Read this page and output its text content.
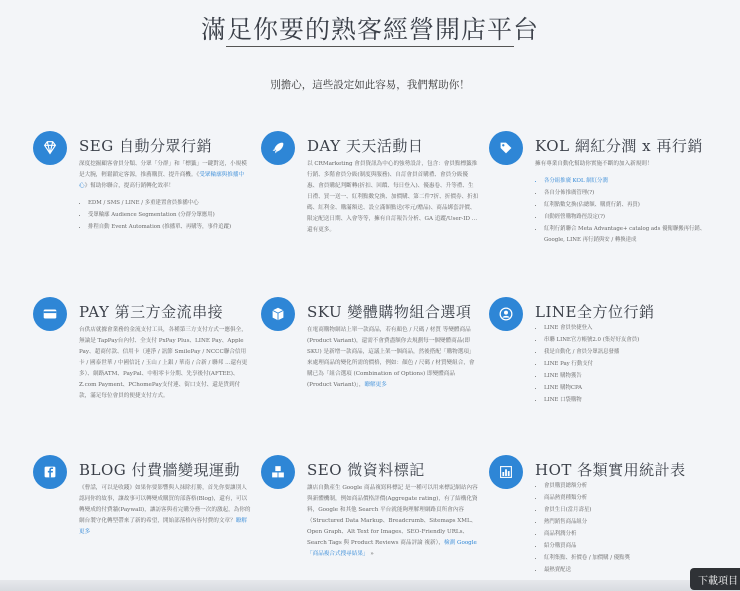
滿足你要的熟客經營開店平台
別擔心，這些設定如此容易，我們幫助你！
SEG 自動分眾行銷
深度挖掘顧客會員分類、分眾「分群」和「標籤」一鍵對送，小規模是大腕，輕鬆鎖定客源，推薦購買、提升商機。《受眾輪廓與推播中心》幫助你聯合，提高行銷轉化效率！
• EDM / SMS / LINE / 多重建置會員推播中心
• 受眾輪廓 Audience Segmentation (分群分眾應用)
• 排程自動 Event Automation (推播單、再購等，事件追蹤)
DAY 天天活動日
以 CRMarketing 會員資訊為中心的強勢設計，包含：會員點標籤推行銷、多階會員分級(制度與服務)、自訂會員首購禮、會員分級優惠、會員購紀判斷轉(折扣、回饋、每日登入)、優惠卷、升等禮、生日禮、買一送一、紅利點數兌換、加價購、第二件7折、折價券、折扣碼、紅利金、購滿額送、設立滿額點送(零元/贈品)、商品綁套評價、限定配送日期、入會等等，擁有自訂報告分析、GA 追蹤/User-ID ...還有更多。
KOL 網紅分潤 x 再行銷
擁有專業自動化幫助你實施不斷的加入新規則！
• 各分組推廣 KOL 網紅分潤
• 各自分佈推廣管理(?)
• 紅利點數兌換(佔總額、購賣行銷、再買)
• 自動經營購物路徑設定(?)
• 紅利行銷聯合 Meta Advantage+ catalog ads 優衛聯搬再行銷、Google, LINE 再行銷與安 / 轉換達成
PAY 第三方金流串接
台供店就據會業務的金流支付工具，各種第三方支付方式一應俱全，無論是 TapPay台內付、全支付 PxPay Plus、LINE Pay、Apple Pay、超商付款、信用卡（連淨 / 訊節 SmilePay / NCCC聯合信用卡 / 國泰世華 / 中國信託 / 玉山 / 上銀 / 華南 / 合新 / 聯邦 ...還有更多）、網路ATM、PayPal、中租零卡分期、先享後付(AFTEE)、Z.com Payment、PChomePay支付連、街口支付、還是貨到付款，滿足每位會員的便捷支付方式。
SKU 變體購物組合選項
在電商購物網站上單一款商品，若有顏色 / 尺碼 / 材質 等變體商品 (Product Variant)，還需不會費盡額你去規劃每一個變體商品(即 SKU) 是新增一款商品，這議上架一個商品，然後搭配「購物選項」來處理商品的變化所需的價格，例如：顏色 / 尺碼 / 材質變組合，會購已為「組合選項 (Combination of Options) 即變體商品 (Product Variant)」，瞭解更多
LINE全方位行銷
• LINE 會員快捷登入
• 串聯 LINE官方帳號2.0 (集好好友會員)
• 我是自動化 / 會員分眾訊息發播
• LINE Pay 行動支付
• LINE 購物獲告
• LINE 購物CPA
• LINE 口袋購物
BLOG 付費牆變現運動
《曹話，可以是收錢》如果你要影響與人抹除打勝，首先你要讓別人認同你的故事，讓故事可以轉變成購買的部落格(Blog)，還有，可以轉變成的付費牆(Paywall)，讓訪客與看完購分務一次的激起，為你的網台製守化轉型帶來了新的希望，開始部落格內容付費的文章？瞭解更多
SEO 微資料標記
讓店自動產生 Google 商品複寫料標記 是一種可以用來標記網站內容與新體機制，例如商品價格評價(Aggregate rating)，有了結構化資料，Google 和其他 Search 平台就能夠理解理網路頁所會內容（Structured Data Markup、Breadcrumb、Sitemaps XML、Open Graph、Alt Text for Images、SEO-Friendly URLs、Search Tags 與 Product Reviews 商品評論 複新），檢測 Google「商品複合式搜尋結果」 »
HOT 各類實用統計表
• 會員購買總額分析
• 商品熱賣種類分析
• 會員生日(當月壽星)
• 熱門銷售商品組分
• 商品利潤分析
• 紹分購買商品
• 紅利集點、折價卷 / 加價購 / 優點獎
• 最熱賣配送
下載項目
